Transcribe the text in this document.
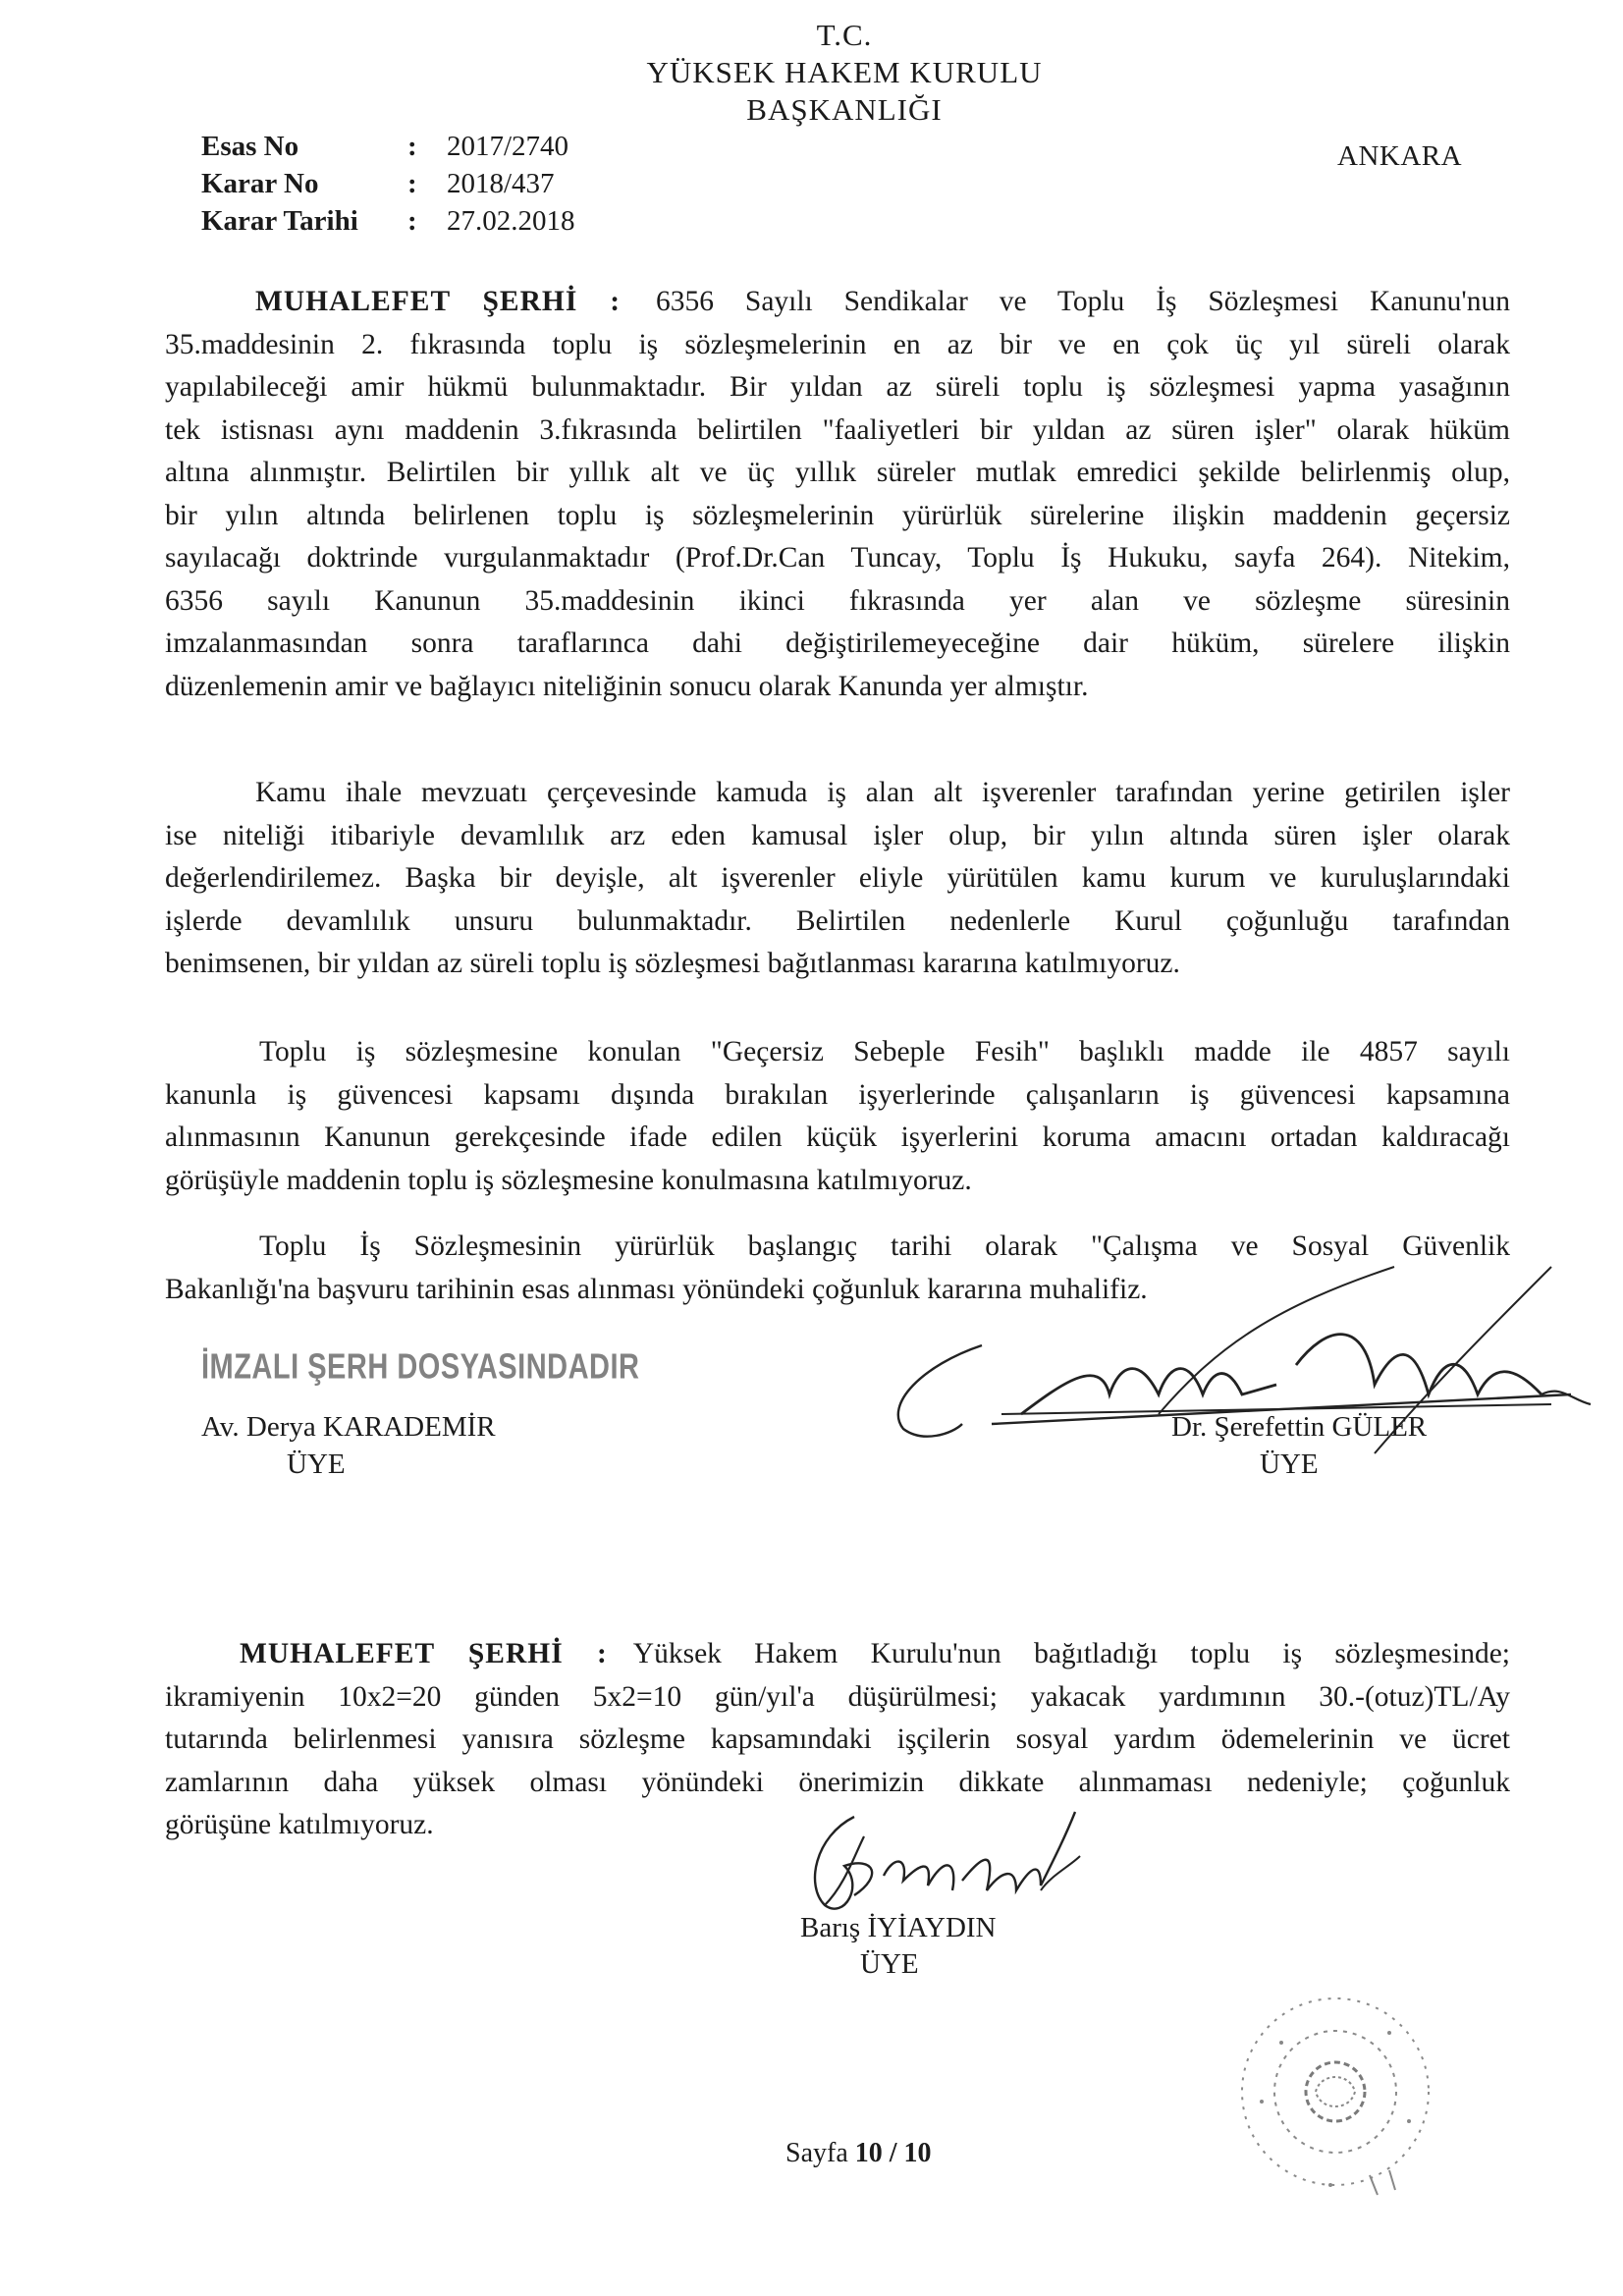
T.C.
YÜKSEK HAKEM KURULU
BAŞKANLIĞI
ANKARA
Esas No	: 2017/2740
Karar No	: 2018/437
Karar Tarihi : 27.02.2018

MUHALEFET ŞERHİ : 6356 Sayılı Sendikalar ve Toplu İş Sözleşmesi Kanunu'nun

35.maddesinin 2. fıkrasında toplu iş sözleşmelerinin en az bir ve en çok üç yıl süreli olarak

yapılabileceği amir hükmü bulunmaktadır. Bir yıldan az süreli toplu iş sözleşmesi yapma yasağının

tek istisnası aynı maddenin 3.fıkrasında belirtilen "faaliyetleri bir yıldan az süren işler" olarak hüküm

altına alınmıştır. Belirtilen bir yıllık alt ve üç yıllık süreler mutlak emredici şekilde belirlenmiş olup,

bir yılın altında belirlenen toplu iş sözleşmelerinin yürürlük sürelerine ilişkin maddenin geçersiz

sayılacağı doktrinde vurgulanmaktadır (Prof.Dr.Can Tuncay, Toplu İş Hukuku, sayfa 264). Nitekim,

6356 sayılı Kanunun 35.maddesinin ikinci fıkrasında yer alan ve sözleşme süresinin

imzalanmasından sonra taraflarınca dahi değiştirilemeyeceğine dair hüküm, sürelere ilişkin

düzenlemenin amir ve bağlayıcı niteliğinin sonucu olarak Kanunda yer almıştır.

Kamu ihale mevzuatı çerçevesinde kamuda iş alan alt işverenler tarafından yerine getirilen işler

ise niteliği itibariyle devamlılık arz eden kamusal işler olup, bir yılın altında süren işler olarak

değerlendirilemez. Başka bir deyişle, alt işverenler eliyle yürütülen kamu kurum ve kuruluşlarındaki

işlerde devamlılık unsuru bulunmaktadır. Belirtilen nedenlerle Kurul çoğunluğu tarafından

benimsenen, bir yıldan az süreli toplu iş sözleşmesi bağıtlanması kararına katılmıyoruz.

Toplu iş sözleşmesine konulan "Geçersiz Sebeple Fesih" başlıklı madde ile 4857 sayılı

kanunla iş güvencesi kapsamı dışında bırakılan işyerlerinde çalışanların iş güvencesi kapsamına

alınmasının Kanunun gerekçesinde ifade edilen küçük işyerlerini koruma amacını ortadan kaldıracağı

görüşüyle maddenin toplu iş sözleşmesine konulmasına katılmıyoruz.

Toplu İş Sözleşmesinin yürürlük başlangıç tarihi olarak "Çalışma ve Sosyal Güvenlik

Bakanlığı'na başvuru tarihinin esas alınması yönündeki çoğunluk kararına muhalifiz.

İMZALI ŞERH DOSYASINDADIR
Av. Derya KARADEMİR
ÜYE
Dr. Şerefettin GÜLER
ÜYE

MUHALEFET ŞERHİ : Yüksek Hakem Kurulu'nun bağıtladığı toplu iş sözleşmesinde;

ikramiyenin 10x2=20 günden 5x2=10 gün/yıl'a düşürülmesi; yakacak yardımının 30.-(otuz)TL/Ay

tutarında belirlenmesi yanısıra sözleşme kapsamındaki işçilerin sosyal yardım ödemelerinin ve ücret

zamlarının daha yüksek olması yönündeki önerimizin dikkate alınmaması nedeniyle; çoğunluk

görüşüne katılmıyoruz.

Barış İYİAYDIN
ÜYE
Sayfa 10 / 10
